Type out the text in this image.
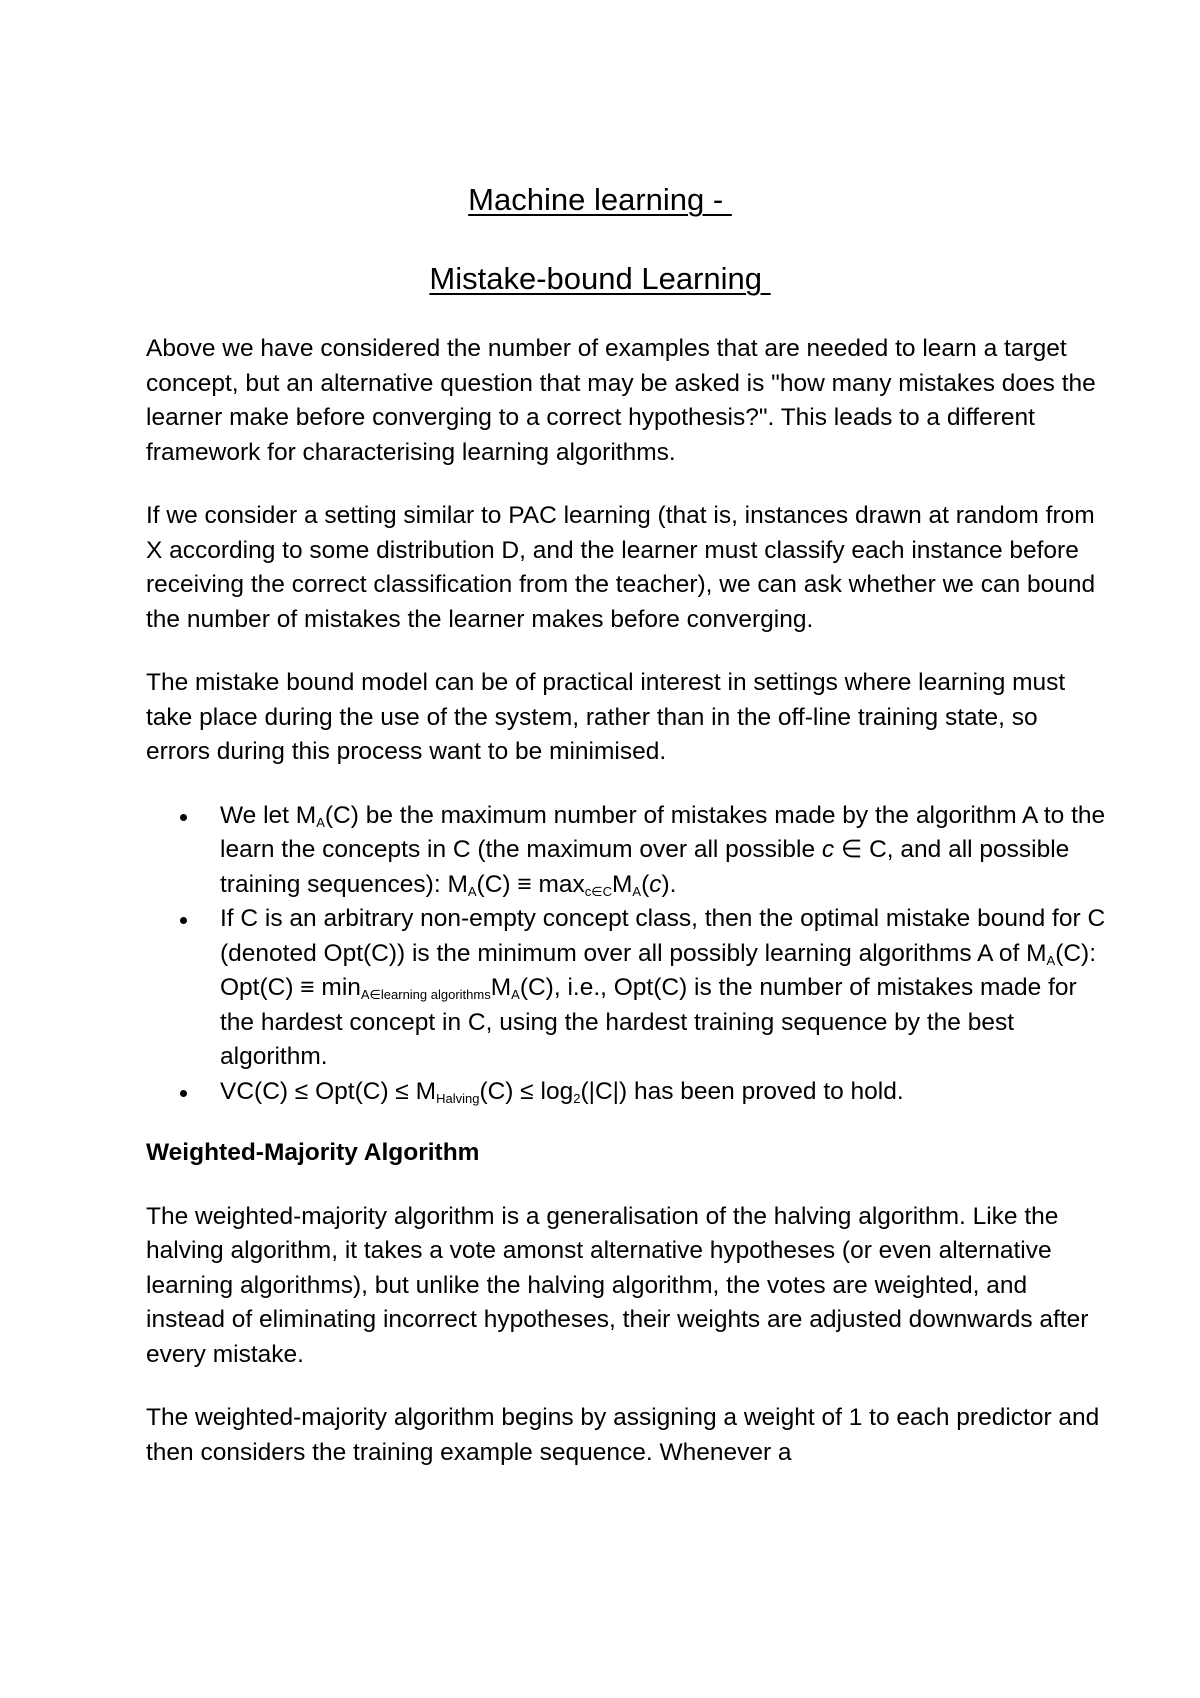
Machine learning -
Mistake-bound Learning

Above we have considered the number of examples that are needed to learn a target concept, but an alternative question that may be asked is "how many mistakes does the learner make before converging to a correct hypothesis?". This leads to a different framework for characterising learning algorithms.

If we consider a setting similar to PAC learning (that is, instances drawn at random from X according to some distribution D, and the learner must classify each instance before receiving the correct classification from the teacher), we can ask whether we can bound the number of mistakes the learner makes before converging.

The mistake bound model can be of practical interest in settings where learning must take place during the use of the system, rather than in the off-line training state, so errors during this process want to be minimised.

We let $M_A(C)$ be the maximum number of mistakes made by the algorithm A to the learn the concepts in C (the maximum over all possible c ∈ C, and all possible training sequences): $M_A(C) \equiv \max_{c\in C}M_A(c)$.
If C is an arbitrary non-empty concept class, then the optimal mistake bound for C (denoted Opt(C)) is the minimum over all possibly learning algorithms A of $M_A(C)$: $Opt(C) \equiv \min_{A\in learning algorithms}M_A(C)$, i.e., Opt(C) is the number of mistakes made for the hardest concept in C, using the hardest training sequence by the best algorithm.
$VC(C) \le Opt(C) \le M_{Halving}(C) \le \log_2(|C|)$ has been proved to hold.

Weighted-Majority Algorithm

The weighted-majority algorithm is a generalisation of the halving algorithm. Like the halving algorithm, it takes a vote amonst alternative hypotheses (or even alternative learning algorithms), but unlike the halving algorithm, the votes are weighted, and instead of eliminating incorrect hypotheses, their weights are adjusted downwards after every mistake.

The weighted-majority algorithm begins by assigning a weight of 1 to each predictor and then considers the training example sequence. Whenever a
